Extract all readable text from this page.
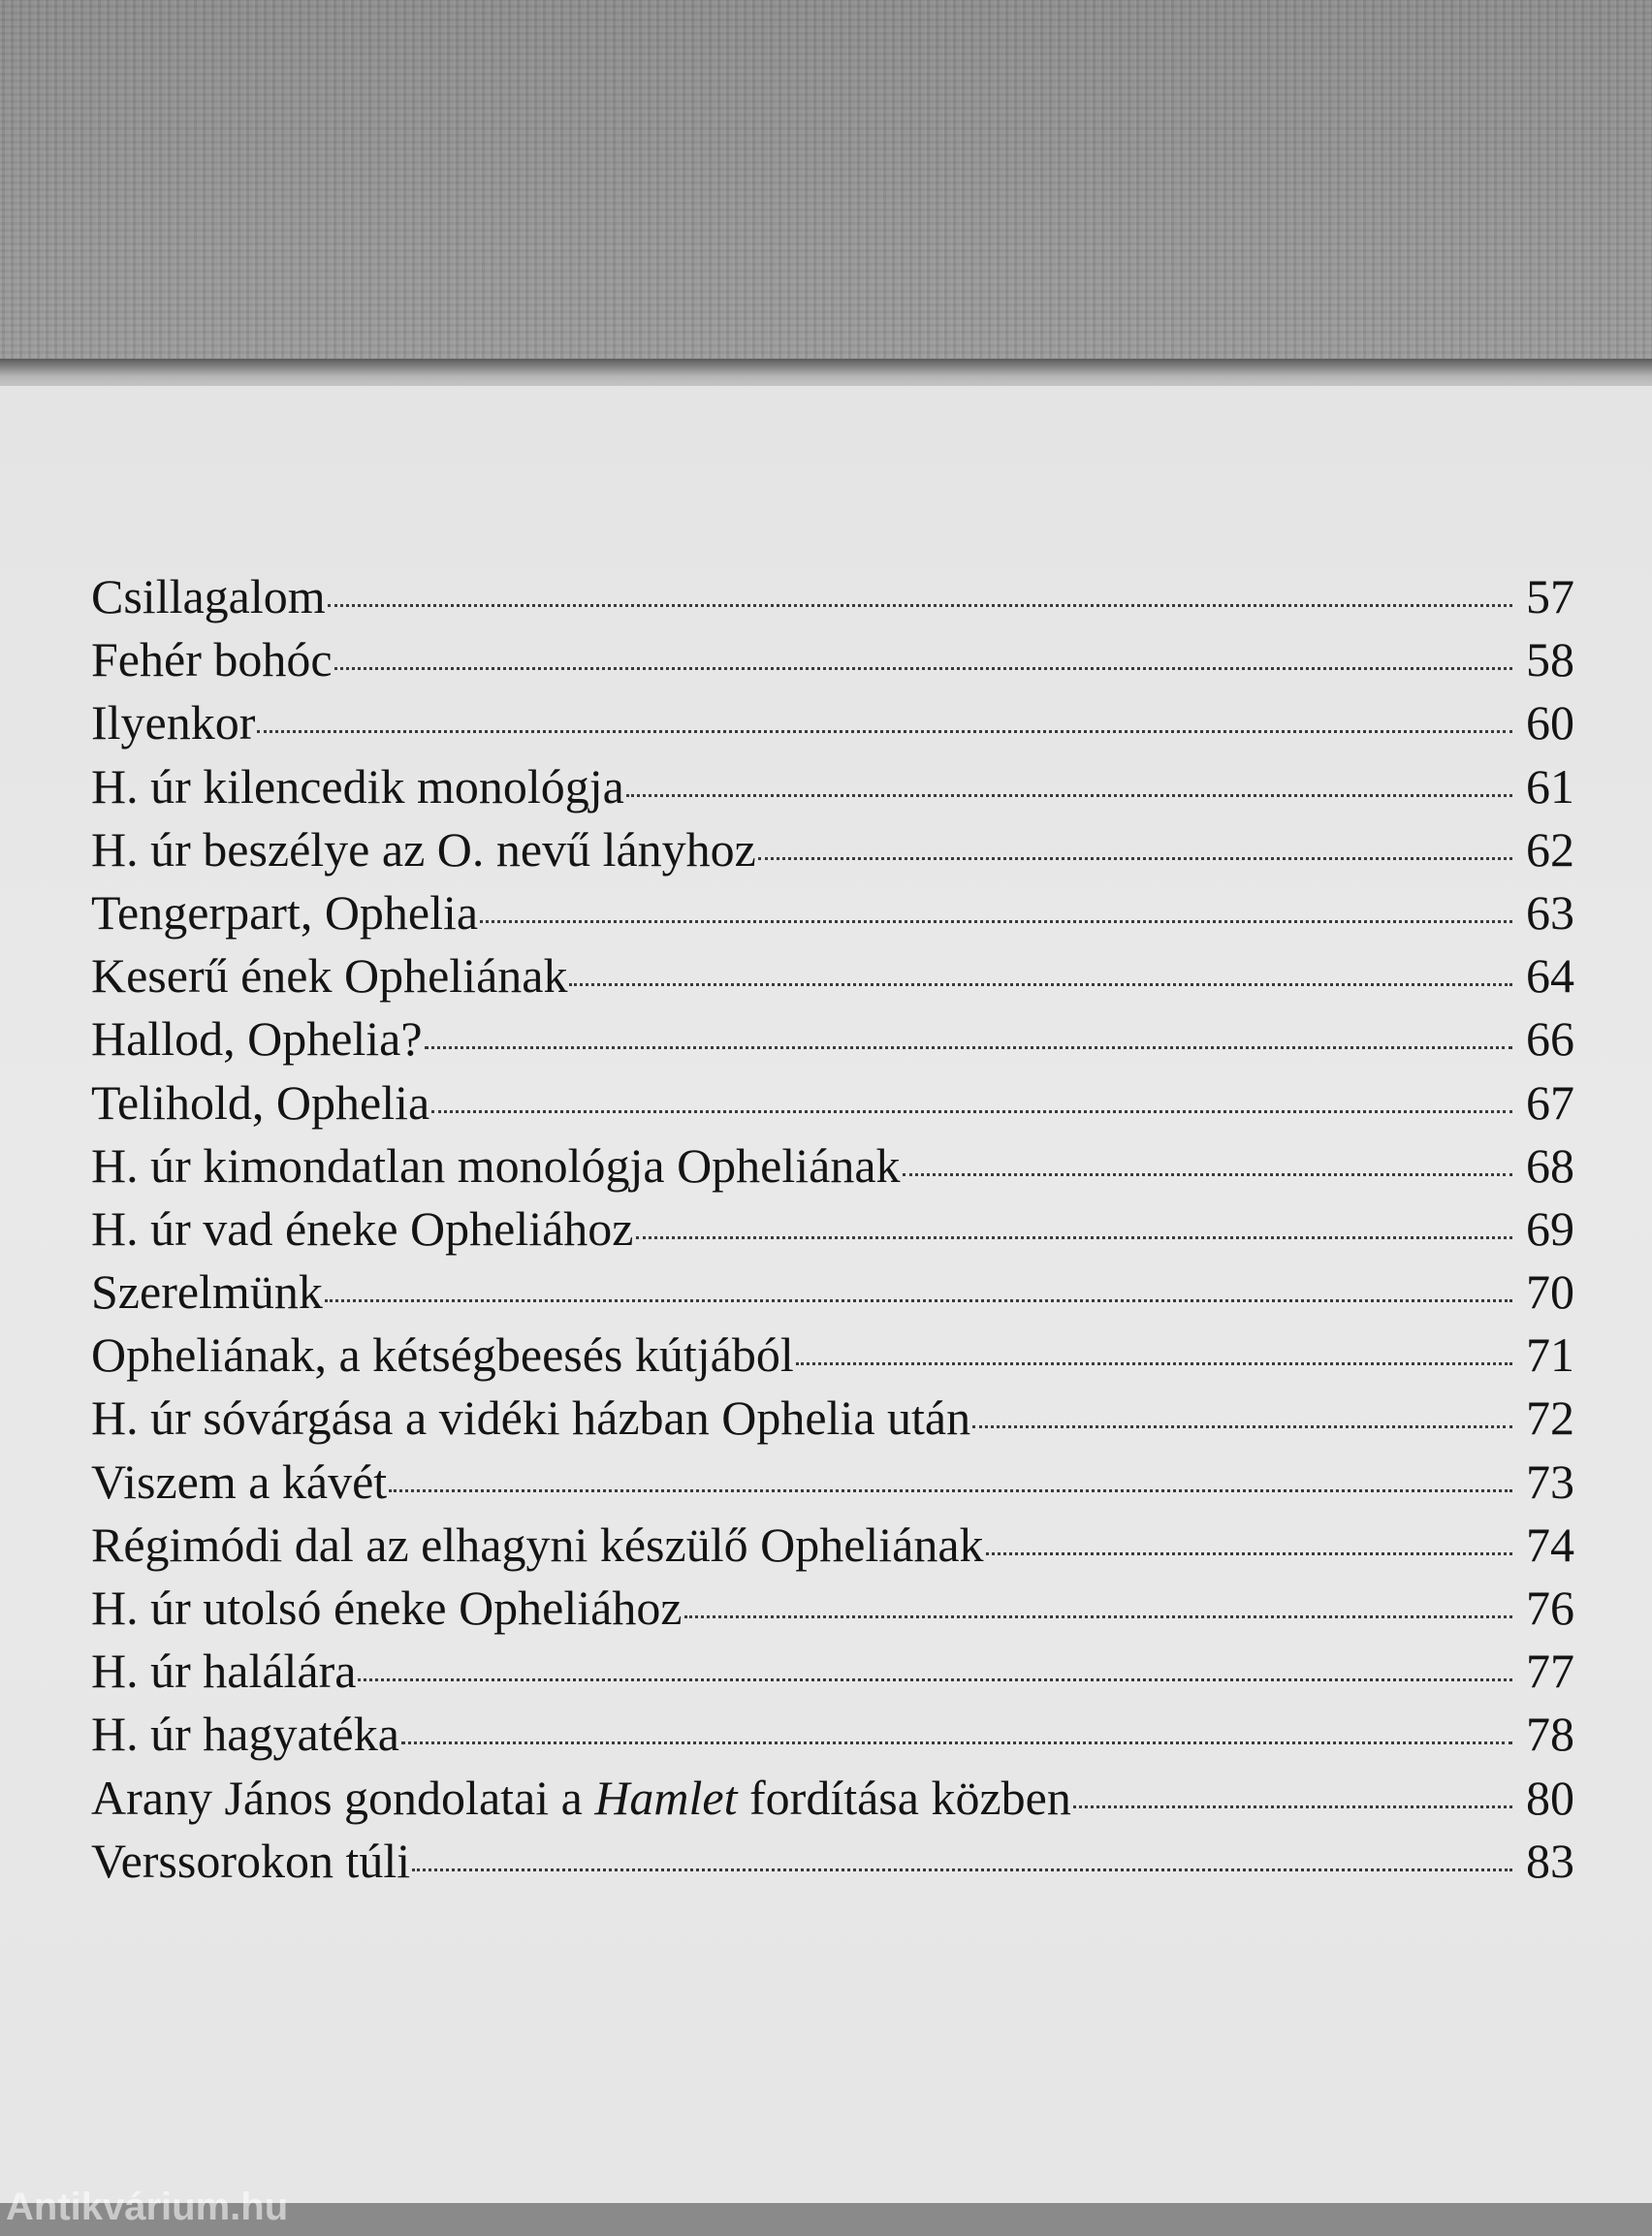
Csillagalom	57
Fehér bohóc	58
Ilyenkor	60
H. úr kilencedik monológja	61
H. úr beszélye az O. nevű lányhoz	62
Tengerpart, Ophelia	63
Keserű ének Opheliának	64
Hallod, Ophelia?	66
Telihold, Ophelia	67
H. úr kimondatlan monológja Opheliának	68
H. úr vad éneke Opheliához	69
Szerelmünk	70
Opheliának, a kétségbeesés kútjából	71
H. úr sóvárgása a vidéki házban Ophelia után	72
Viszem a kávét	73
Régimódi dal az elhagyni készülő Opheliának	74
H. úr utolsó éneke Opheliához	76
H. úr halálára	77
H. úr hagyatéka	78
Arany János gondolatai a Hamlet fordítása közben	80
Verssorokon túli	83
Antikvárium.hu
